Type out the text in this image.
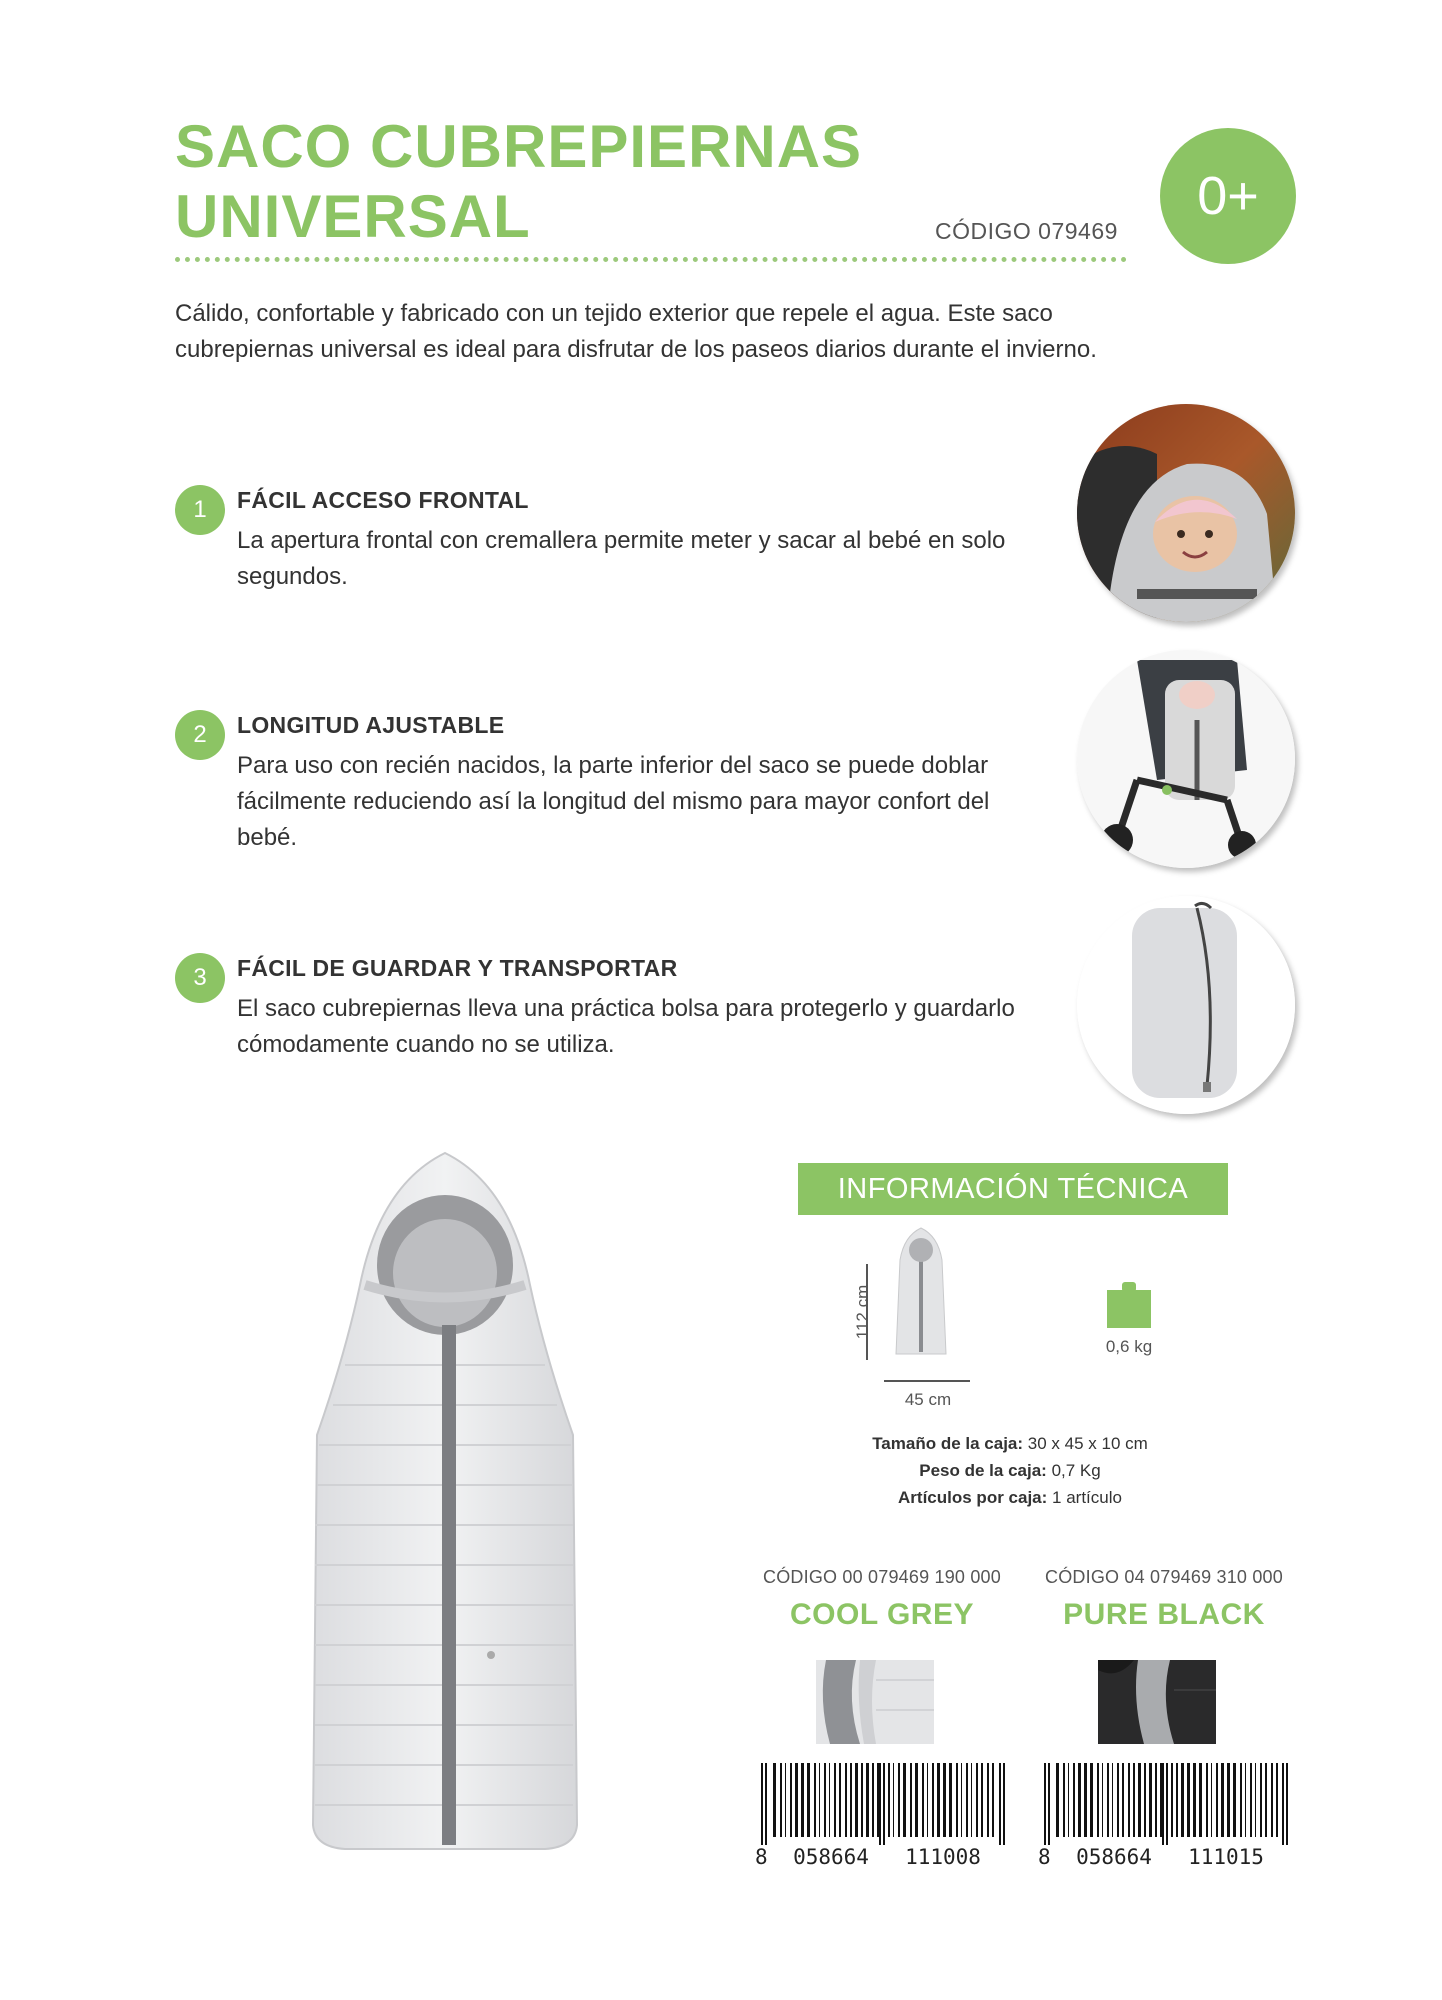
SACO CUBREPIERNAS
UNIVERSAL	CÓDIGO 079469
0+
Cálido, confortable y fabricado con un tejido exterior que repele el agua. Este saco cubrepiernas universal es ideal para disfrutar de los paseos diarios durante el invierno.
1	FÁCIL ACCESO FRONTAL
La apertura frontal con cremallera permite meter y sacar al bebé en solo segundos.
2	LONGITUD AJUSTABLE
Para uso con recién nacidos, la parte inferior del saco se puede doblar fácilmente reduciendo así la longitud del mismo para mayor confort del bebé.
3	FÁCIL DE GUARDAR Y TRANSPORTAR
El saco cubrepiernas lleva una práctica bolsa para protegerlo y guardarlo cómodamente cuando no se utiliza.
INFORMACIÓN TÉCNICA
112 cm
45 cm
0,6 kg
Tamaño de la caja: 30 x 45 x 10 cm
Peso de la caja: 0,7 Kg
Artículos por caja: 1 artículo
CÓDIGO 00 079469 190 000
COOL GREY
8	058664	111008
CÓDIGO 04 079469 310 000
PURE BLACK
8	058664	111015
